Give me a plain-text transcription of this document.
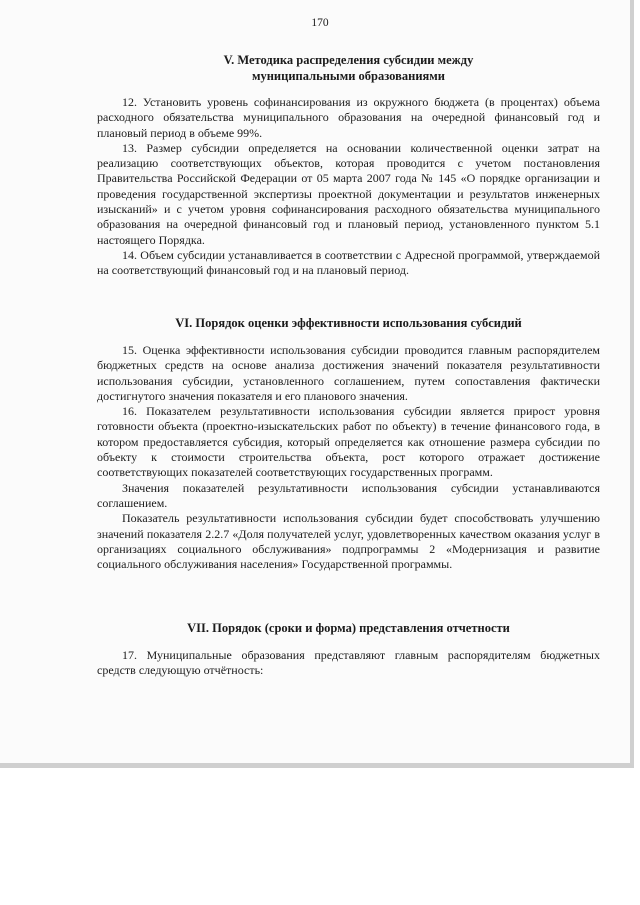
170
V. Методика распределения субсидии между
муниципальными образованиями

12. Установить уровень софинансирования из окружного бюджета (в процентах) объема расходного обязательства муниципального образования на очередной финансовый год и плановый период в объеме 99%.

13. Размер субсидии определяется на основании количественной оценки затрат на реализацию соответствующих объектов, которая проводится с учетом постановления Правительства Российской Федерации от 05 марта 2007 года № 145 «О порядке организации и проведения государственной экспертизы проектной документации и результатов инженерных изысканий» и с учетом уровня софинансирования расходного обязательства муниципального образования на очередной финансовый год и плановый период, установленного пунктом 5.1 настоящего Порядка.

14. Объем субсидии устанавливается в соответствии с Адресной программой, утверждаемой на соответствующий финансовый год и на плановый период.

VI. Порядок оценки эффективности использования субсидий

15. Оценка эффективности использования субсидии проводится главным распорядителем бюджетных средств на основе анализа достижения значений показателя результативности использования субсидии, установленного соглашением, путем сопоставления фактически достигнутого значения показателя и его планового значения.

16. Показателем результативности использования субсидии является прирост уровня готовности объекта (проектно-изыскательских работ по объекту) в течение финансового года, в котором предоставляется субсидия, который определяется как отношение размера субсидии по объекту к стоимости строительства объекта, рост которого отражает достижение соответствующих показателей соответствующих государственных программ.

Значения показателей результативности использования субсидии устанавливаются соглашением.

Показатель результативности использования субсидии будет способствовать улучшению значений показателя 2.2.7 «Доля получателей услуг, удовлетворенных качеством оказания услуг в организациях социального обслуживания» подпрограммы 2 «Модернизация и развитие социального обслуживания населения» Государственной программы.

VII. Порядок (сроки и форма) представления отчетности

17. Муниципальные образования представляют главным распорядителям бюджетных средств следующую отчётность:
